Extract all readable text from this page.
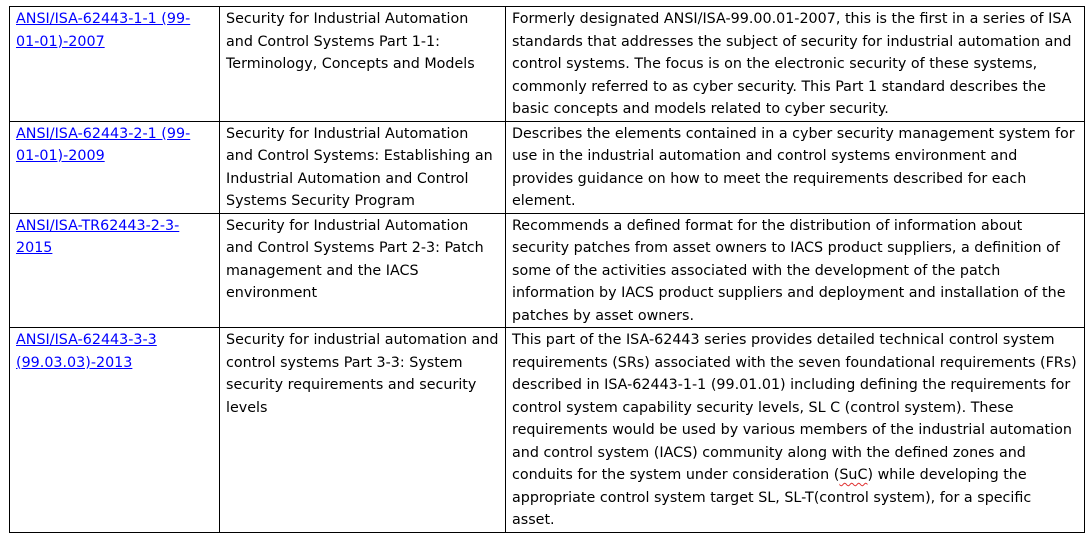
ANSI/ISA-62443-1-1 (99-01-01)-2007	Security for Industrial Automation and Control Systems Part 1-1: Terminology, Concepts and Models	Formerly designated ANSI/ISA-99.00.01-2007, this is the first in a series of ISA standards that addresses the subject of security for industrial automation and control systems. The focus is on the electronic security of these systems, commonly referred to as cyber security. This Part 1 standard describes the basic concepts and models related to cyber security.
ANSI/ISA-62443-2-1 (99-01-01)-2009	Security for Industrial Automation and Control Systems: Establishing an Industrial Automation and Control Systems Security Program	Describes the elements contained in a cyber security management system for use in the industrial automation and control systems environment and provides guidance on how to meet the requirements described for each element.
ANSI/ISA-TR62443-2-3-2015	Security for Industrial Automation and Control Systems Part 2-3: Patch management and the IACS environment	Recommends a defined format for the distribution of information about security patches from asset owners to IACS product suppliers, a definition of some of the activities associated with the development of the patch information by IACS product suppliers and deployment and installation of the patches by asset owners.
ANSI/ISA-62443-3-3 (99.03.03)-2013	Security for industrial automation and control systems Part 3-3: System security requirements and security levels	This part of the ISA-62443 series provides detailed technical control system requirements (SRs) associated with the seven foundational requirements (FRs) described in ISA-62443-1-1 (99.01.01) including defining the requirements for control system capability security levels, SL C (control system). These requirements would be used by various members of the industrial automation and control system (IACS) community along with the defined zones and conduits for the system under consideration (SuC) while developing the appropriate control system target SL, SL-T(control system), for a specific asset.
